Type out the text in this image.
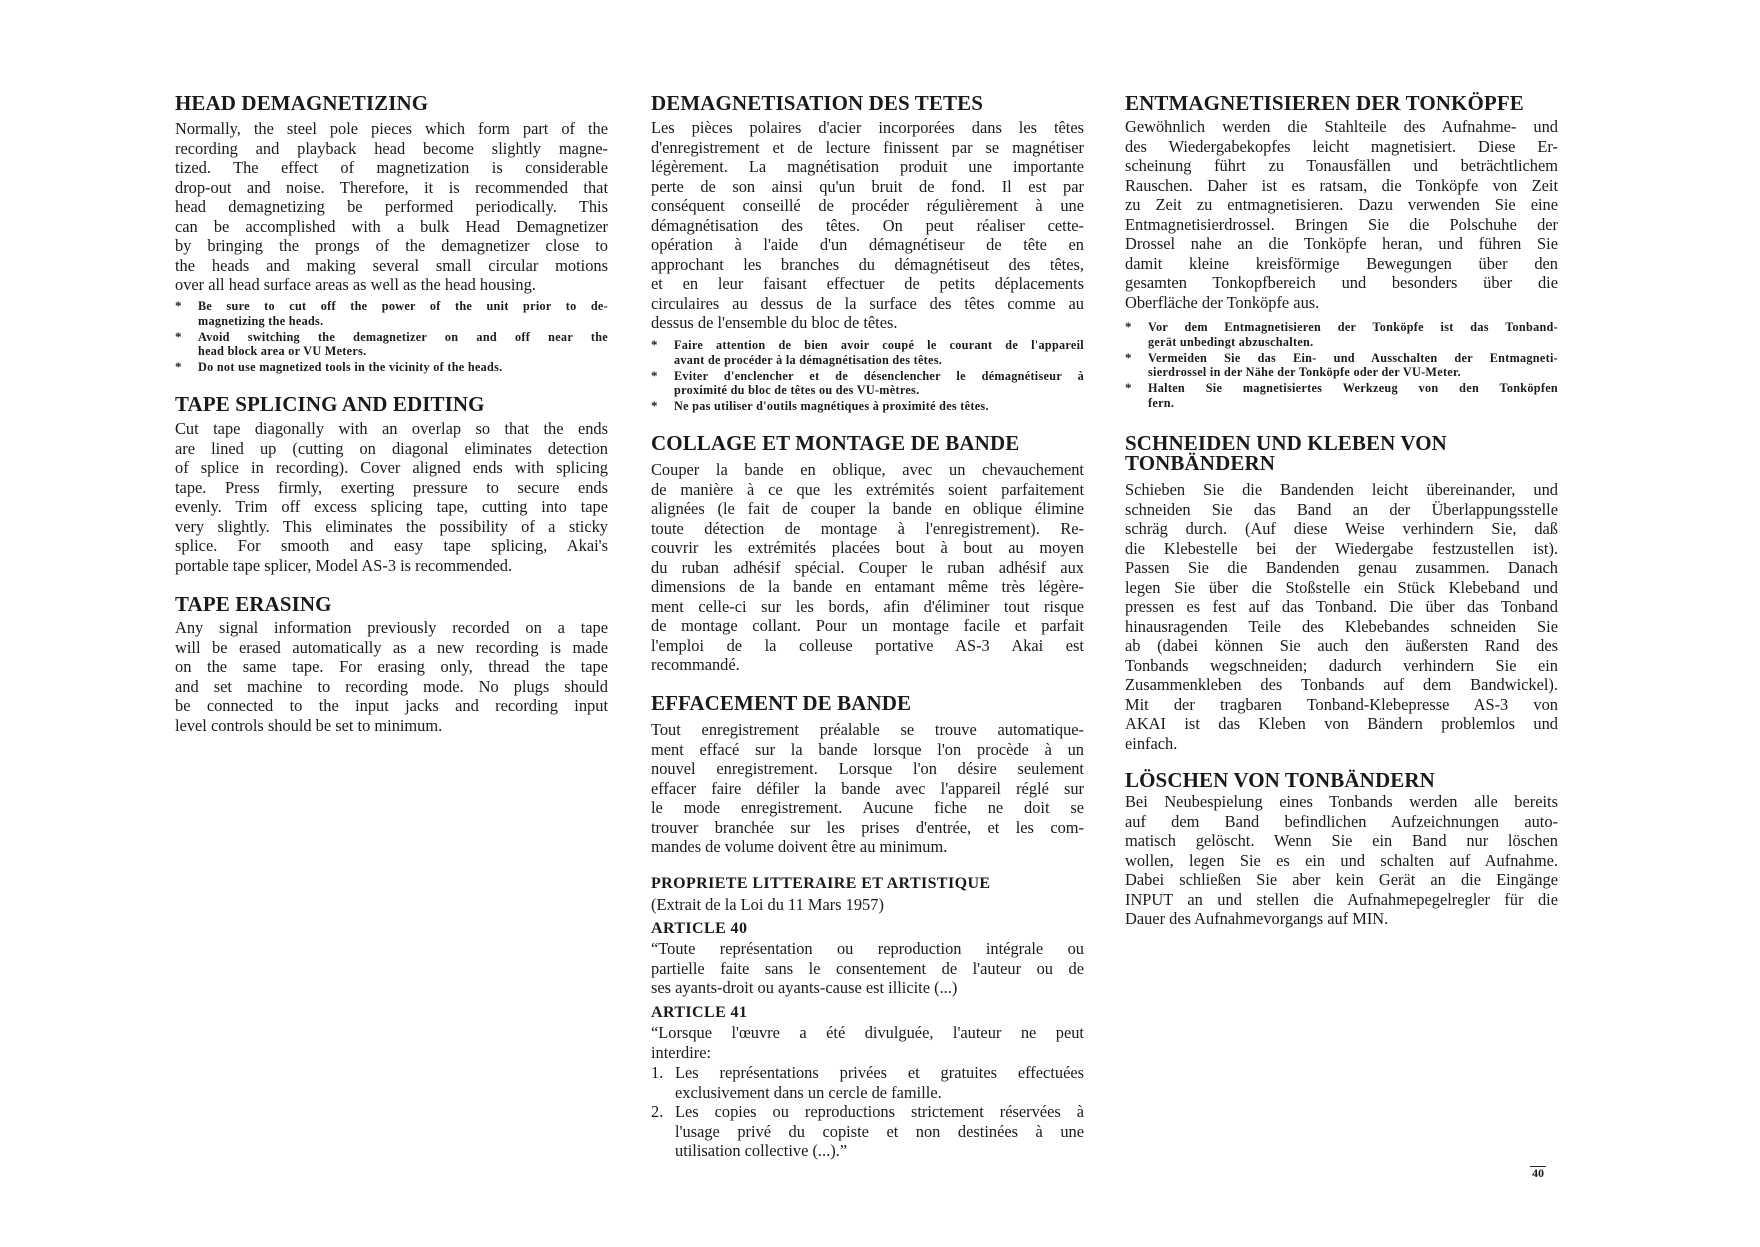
HEAD DEMAGNETIZING
Normally, the steel pole pieces which form part of the
recording and playback head become slightly magne-
tized. The effect of magnetization is considerable
drop-out and noise. Therefore, it is recommended that
head demagnetizing be performed periodically. This
can be accomplished with a bulk Head Demagnetizer
by bringing the prongs of the demagnetizer close to
the heads and making several small circular motions
over all head surface areas as well as the head housing.
* Be sure to cut off the power of the unit prior to de-
magnetizing the heads.
* Avoid switching the demagnetizer on and off near the
head block area or VU Meters.
* Do not use magnetized tools in the vicinity of the heads.
TAPE SPLICING AND EDITING
Cut tape diagonally with an overlap so that the ends
are lined up (cutting on diagonal eliminates detection
of splice in recording). Cover aligned ends with splicing
tape. Press firmly, exerting pressure to secure ends
evenly. Trim off excess splicing tape, cutting into tape
very slightly. This eliminates the possibility of a sticky
splice. For smooth and easy tape splicing, Akai's
portable tape splicer, Model AS-3 is recommended.
TAPE ERASING
Any signal information previously recorded on a tape
will be erased automatically as a new recording is made
on the same tape. For erasing only, thread the tape
and set machine to recording mode. No plugs should
be connected to the input jacks and recording input
level controls should be set to minimum.
DEMAGNETISATION DES TETES
Les pièces polaires d'acier incorporées dans les têtes
d'enregistrement et de lecture finissent par se magnétiser
légèrement. La magnétisation produit une importante
perte de son ainsi qu'un bruit de fond. Il est par
conséquent conseillé de procéder régulièrement à une
démagnétisation des têtes. On peut réaliser cette-
opération à l'aide d'un démagnétiseur de tête en
approchant les branches du démagnétiseut des têtes,
et en leur faisant effectuer de petits déplacements
circulaires au dessus de la surface des têtes comme au
dessus de l'ensemble du bloc de têtes.
* Faire attention de bien avoir coupé le courant de l'appareil
avant de procéder à la démagnétisation des têtes.
* Eviter d'enclencher et de désenclencher le démagnétiseur à
proximité du bloc de têtes ou des VU-mètres.
* Ne pas utiliser d'outils magnétiques à proximité des têtes.
COLLAGE ET MONTAGE DE BANDE
Couper la bande en oblique, avec un chevauchement
de manière à ce que les extrémités soient parfaitement
alignées (le fait de couper la bande en oblique élimine
toute détection de montage à l'enregistrement). Re-
couvrir les extrémités placées bout à bout au moyen
du ruban adhésif spécial. Couper le ruban adhésif aux
dimensions de la bande en entamant même très légère-
ment celle-ci sur les bords, afin d'éliminer tout risque
de montage collant. Pour un montage facile et parfait
l'emploi de la colleuse portative AS-3 Akai est
recommandé.
EFFACEMENT DE BANDE
Tout enregistrement préalable se trouve automatique-
ment effacé sur la bande lorsque l'on procède à un
nouvel enregistrement. Lorsque l'on désire seulement
effacer faire défiler la bande avec l'appareil réglé sur
le mode enregistrement. Aucune fiche ne doit se
trouver branchée sur les prises d'entrée, et les com-
mandes de volume doivent être au minimum.
PROPRIETE LITTERAIRE ET ARTISTIQUE
(Extrait de la Loi du 11 Mars 1957)
ARTICLE 40
“Toute représentation ou reproduction intégrale ou
partielle faite sans le consentement de l'auteur ou de
ses ayants-droit ou ayants-cause est illicite (...)
ARTICLE 41
“Lorsque l'œuvre a été divulguée, l'auteur ne peut
interdire:
1. Les représentations privées et gratuites effectuées
exclusivement dans un cercle de famille.
2. Les copies ou reproductions strictement réservées à
l'usage privé du copiste et non destinées à une
utilisation collective (...).”
ENTMAGNETISIEREN DER TONKÖPFE
Gewöhnlich werden die Stahlteile des Aufnahme- und
des Wiedergabekopfes leicht magnetisiert. Diese Er-
scheinung führt zu Tonausfällen und beträchtlichem
Rauschen. Daher ist es ratsam, die Tonköpfe von Zeit
zu Zeit zu entmagnetisieren. Dazu verwenden Sie eine
Entmagnetisierdrossel. Bringen Sie die Polschuhe der
Drossel nahe an die Tonköpfe heran, und führen Sie
damit kleine kreisförmige Bewegungen über den
gesamten Tonkopfbereich und besonders über die
Oberfläche der Tonköpfe aus.
* Vor dem Entmagnetisieren der Tonköpfe ist das Tonband-
gerät unbedingt abzuschalten.
* Vermeiden Sie das Ein- und Ausschalten der Entmagneti-
sierdrossel in der Nähe der Tonköpfe oder der VU-Meter.
* Halten Sie magnetisiertes Werkzeug von den Tonköpfen
fern.
SCHNEIDEN UND KLEBEN VON
TONBÄNDERN
Schieben Sie die Bandenden leicht übereinander, und
schneiden Sie das Band an der Überlappungsstelle
schräg durch. (Auf diese Weise verhindern Sie, daß
die Klebestelle bei der Wiedergabe festzustellen ist).
Passen Sie die Bandenden genau zusammen. Danach
legen Sie über die Stoßstelle ein Stück Klebeband und
pressen es fest auf das Tonband. Die über das Tonband
hinausragenden Teile des Klebebandes schneiden Sie
ab (dabei können Sie auch den äußersten Rand des
Tonbands wegschneiden; dadurch verhindern Sie ein
Zusammenkleben des Tonbands auf dem Bandwickel).
Mit der tragbaren Tonband-Klebepresse AS-3 von
AKAI ist das Kleben von Bändern problemlos und
einfach.
LÖSCHEN VON TONBÄNDERN
Bei Neubespielung eines Tonbands werden alle bereits
auf dem Band befindlichen Aufzeichnungen auto-
matisch gelöscht. Wenn Sie ein Band nur löschen
wollen, legen Sie es ein und schalten auf Aufnahme.
Dabei schließen Sie aber kein Gerät an die Eingänge
INPUT an und stellen die Aufnahmepegelregler für die
Dauer des Aufnahmevorgangs auf MIN.
40
